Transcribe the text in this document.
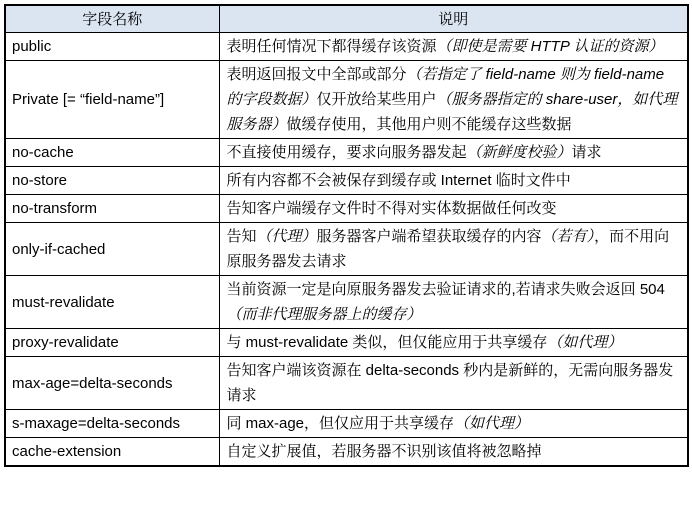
字段名称	说明
public	表明任何情况下都得缓存该资源（即使是需要 HTTP 认证的资源）
Private [= “field-name”]	表明返回报文中全部或部分（若指定了 field-name 则为 field-name 的字段数据）仅开放给某些用户（服务器指定的 share-user，如代理服务器）做缓存使用，其他用户则不能缓存这些数据
no-cache	不直接使用缓存，要求向服务器发起（新鲜度校验）请求
no-store	所有内容都不会被保存到缓存或 Internet 临时文件中
no-transform	告知客户端缓存文件时不得对实体数据做任何改变
only-if-cached	告知（代理）服务器客户端希望获取缓存的内容（若有），而不用向原服务器发去请求
must-revalidate	当前资源一定是向原服务器发去验证请求的,若请求失败会返回 504（而非代理服务器上的缓存）
proxy-revalidate	与 must-revalidate 类似，但仅能应用于共享缓存（如代理）
max-age=delta-seconds	告知客户端该资源在 delta-seconds 秒内是新鲜的，无需向服务器发请求
s-maxage=delta-seconds	同 max-age，但仅应用于共享缓存（如代理）
cache-extension	自定义扩展值，若服务器不识别该值将被忽略掉
